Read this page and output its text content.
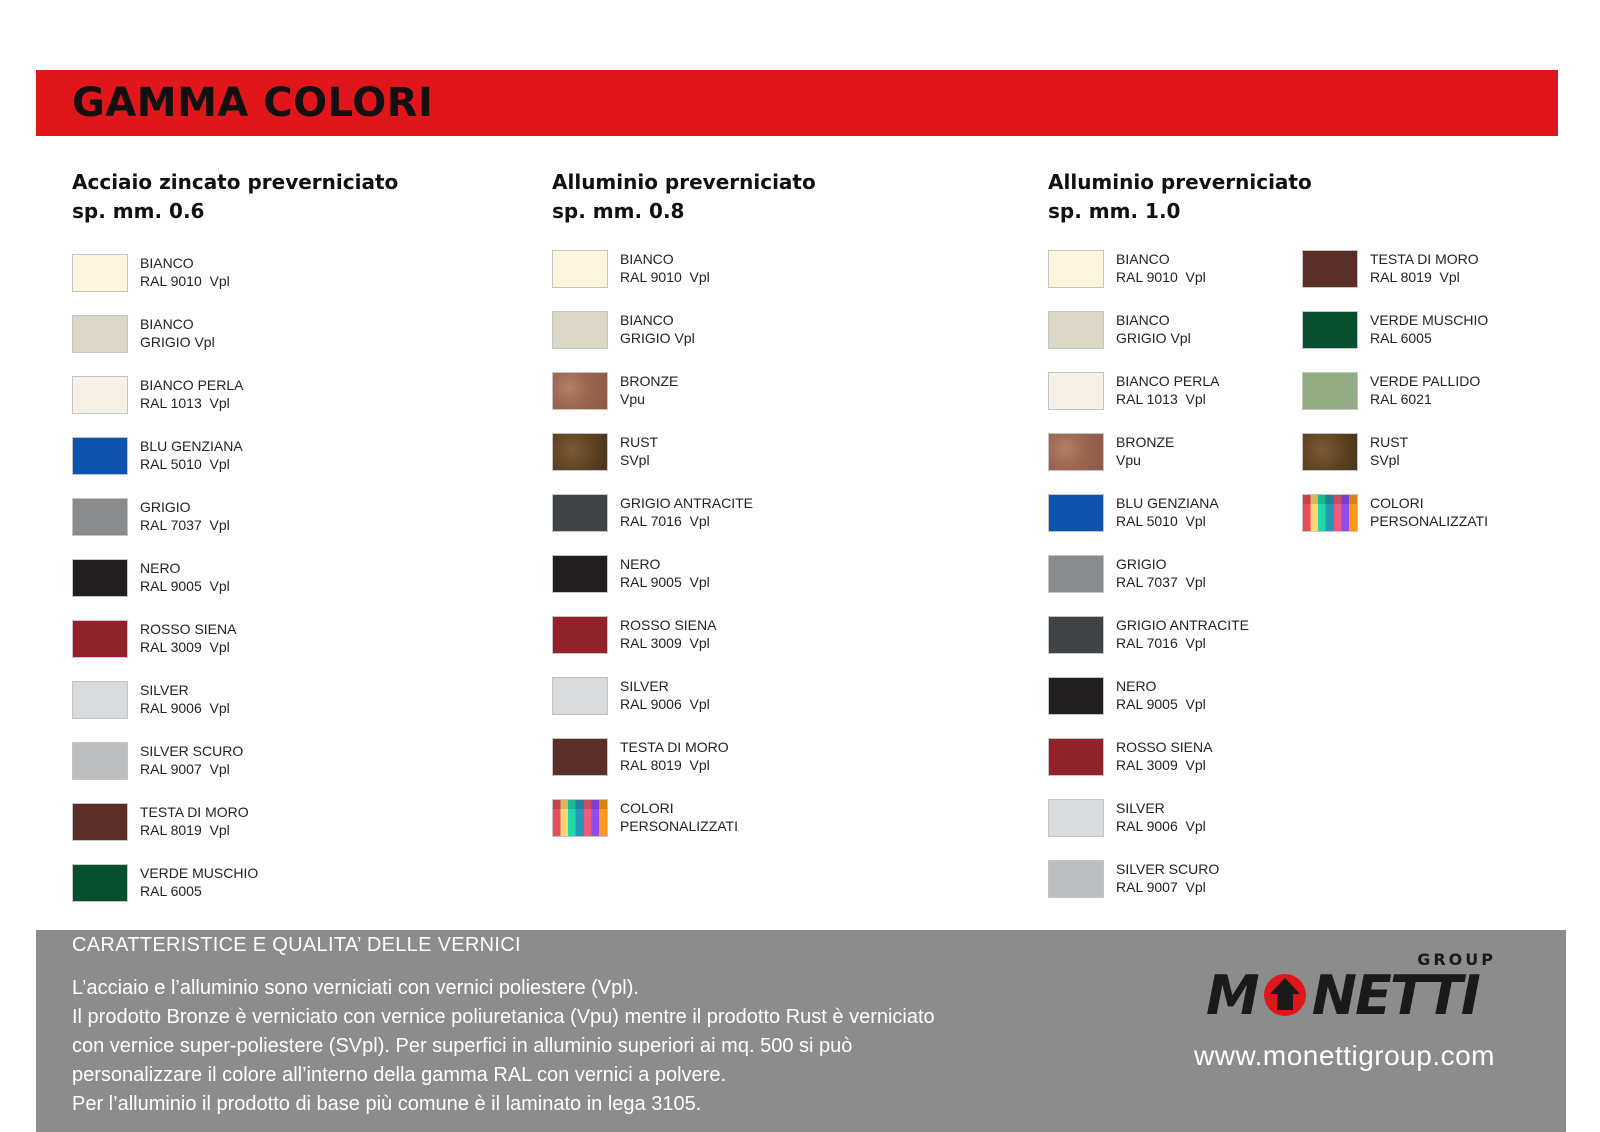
GAMMA COLORI
Acciaio zincato preverniciato
sp. mm. 0.6
BIANCO
RAL 9010  Vpl
BIANCO
GRIGIO Vpl
BIANCO PERLA
RAL 1013  Vpl
BLU GENZIANA
RAL 5010  Vpl
GRIGIO
RAL 7037  Vpl
NERO
RAL 9005  Vpl
ROSSO SIENA
RAL 3009  Vpl
SILVER
RAL 9006  Vpl
SILVER SCURO
RAL 9007  Vpl
TESTA DI MORO
RAL 8019  Vpl
VERDE MUSCHIO
RAL 6005
Alluminio preverniciato
sp. mm. 0.8
BIANCO
RAL 9010  Vpl
BIANCO
GRIGIO Vpl
BRONZE
Vpu
RUST
SVpl
GRIGIO ANTRACITE
RAL 7016  Vpl
NERO
RAL 9005  Vpl
ROSSO SIENA
RAL 3009  Vpl
SILVER
RAL 9006  Vpl
TESTA DI MORO
RAL 8019  Vpl
COLORI
PERSONALIZZATI
Alluminio preverniciato
sp. mm. 1.0
BIANCO
RAL 9010  Vpl
BIANCO
GRIGIO Vpl
BIANCO PERLA
RAL 1013  Vpl
BRONZE
Vpu
BLU GENZIANA
RAL 5010  Vpl
GRIGIO
RAL 7037  Vpl
GRIGIO ANTRACITE
RAL 7016  Vpl
NERO
RAL 9005  Vpl
ROSSO SIENA
RAL 3009  Vpl
SILVER
RAL 9006  Vpl
SILVER SCURO
RAL 9007  Vpl
TESTA DI MORO
RAL 8019  Vpl
VERDE MUSCHIO
RAL 6005
VERDE PALLIDO
RAL 6021
RUST
SVpl
COLORI
PERSONALIZZATI
CARATTERISTICE E QUALITA’ DELLE VERNICI
L’acciaio e l’alluminio sono verniciati con vernici poliestere (Vpl).
Il prodotto Bronze è verniciato con vernice poliuretanica (Vpu) mentre il prodotto Rust è verniciato
con vernice super-poliestere (SVpl). Per superfici in alluminio superiori ai mq. 500 si può
personalizzare il colore all’interno della gamma RAL con vernici a polvere.
Per l’alluminio il prodotto di base più comune è il laminato in lega 3105.
GROUP
M NETTI
www.monettigroup.com
